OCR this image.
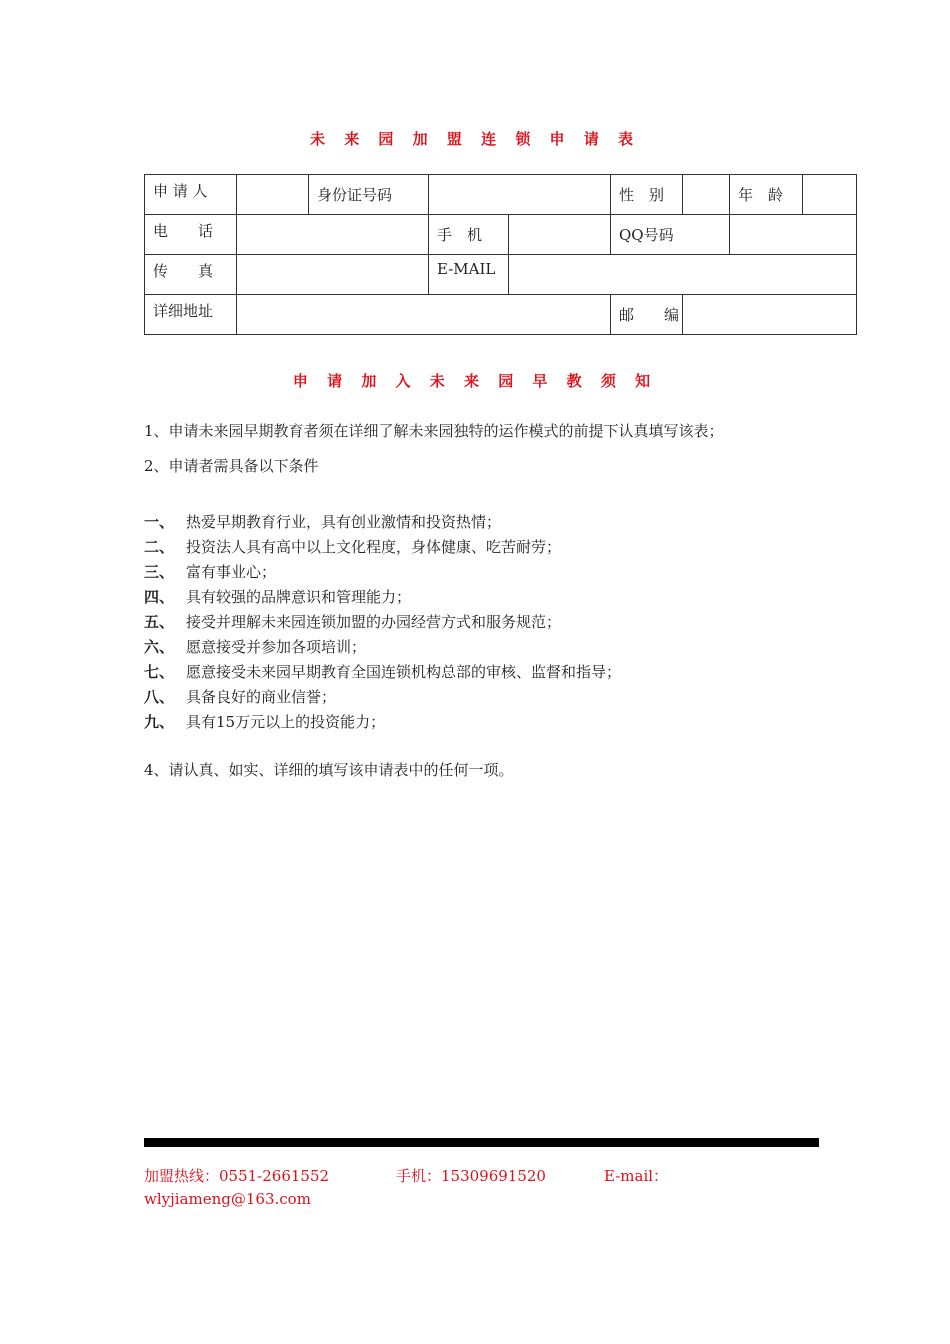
未 来 园 加 盟 连 锁 申 请 表
申 请 人		身份证号码			性　别		年　龄	
电　　话			手　机		QQ号码			
传　　真			E-MAIL					
详细地址					邮　　编			
申 请 加 入 未 来 园 早 教 须 知
1、申请未来园早期教育者须在详细了解未来园独特的运作模式的前提下认真填写该表；
2、申请者需具备以下条件
一、 热爱早期教育行业，具有创业激情和投资热情；
二、 投资法人具有高中以上文化程度，身体健康、吃苦耐劳；
三、 富有事业心；
四、 具有较强的品牌意识和管理能力；
五、 接受并理解未来园连锁加盟的办园经营方式和服务规范；
六、 愿意接受并参加各项培训；
七、 愿意接受未来园早期教育全国连锁机构总部的审核、监督和指导；
八、 具备良好的商业信誉；
九、 具有15万元以上的投资能力；
4、请认真、如实、详细的填写该申请表中的任何一项。
加盟热线：0551-2661552	手机：15309691520	E-mail：
wlyjiameng@163.com
